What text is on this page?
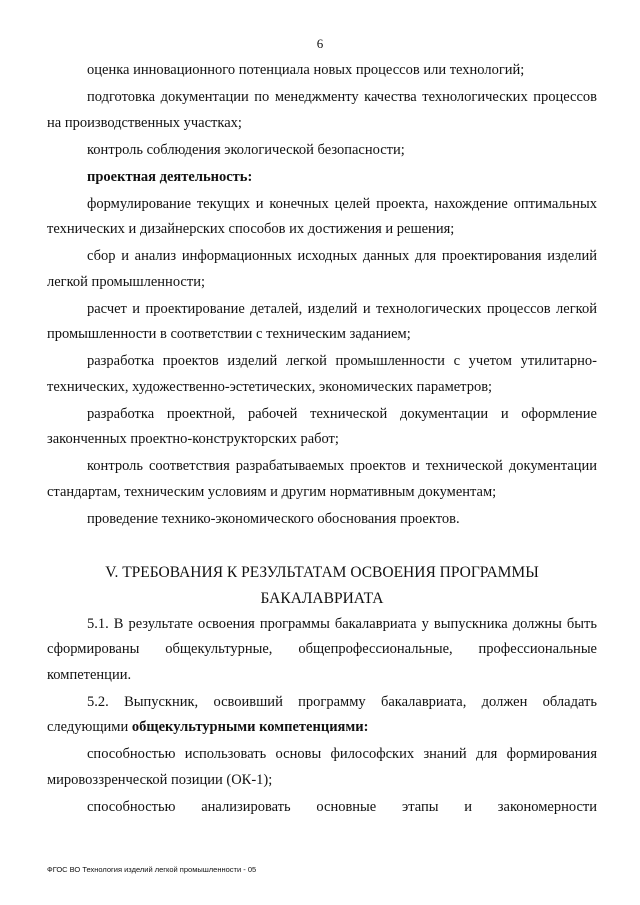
6

оценка инновационного потенциала новых процессов или технологий;

подготовка документации по менеджменту качества технологических процессов на производственных участках;

контроль соблюдения экологической безопасности;

проектная деятельность:

формулирование текущих и конечных целей проекта, нахождение оптимальных технических и дизайнерских способов их достижения и решения;

сбор и анализ информационных исходных данных для проектирования изделий легкой промышленности;

расчет и проектирование деталей, изделий и технологических процессов легкой промышленности в соответствии с техническим заданием;

разработка проектов изделий легкой промышленности с учетом утилитарно-технических, художественно-эстетических, экономических параметров;

разработка проектной, рабочей технической документации и оформление законченных проектно-конструкторских работ;

контроль соответствия разрабатываемых проектов и технической документации стандартам, техническим условиям и другим нормативным документам;

проведение технико-экономического обоснования проектов.

V. ТРЕБОВАНИЯ К РЕЗУЛЬТАТАМ ОСВОЕНИЯ ПРОГРАММЫ

БАКАЛАВРИАТА

5.1. В результате освоения программы бакалавриата у выпускника должны быть сформированы общекультурные, общепрофессиональные, профессиональные компетенции.

5.2. Выпускник, освоивший программу бакалавриата, должен обладать следующими общекультурными компетенциями:

способностью использовать основы философских знаний для формирования мировоззренческой позиции (ОК-1);

способностью анализировать основные этапы и закономерности

ФГОС ВО Технология изделий легкой промышленности - 05
